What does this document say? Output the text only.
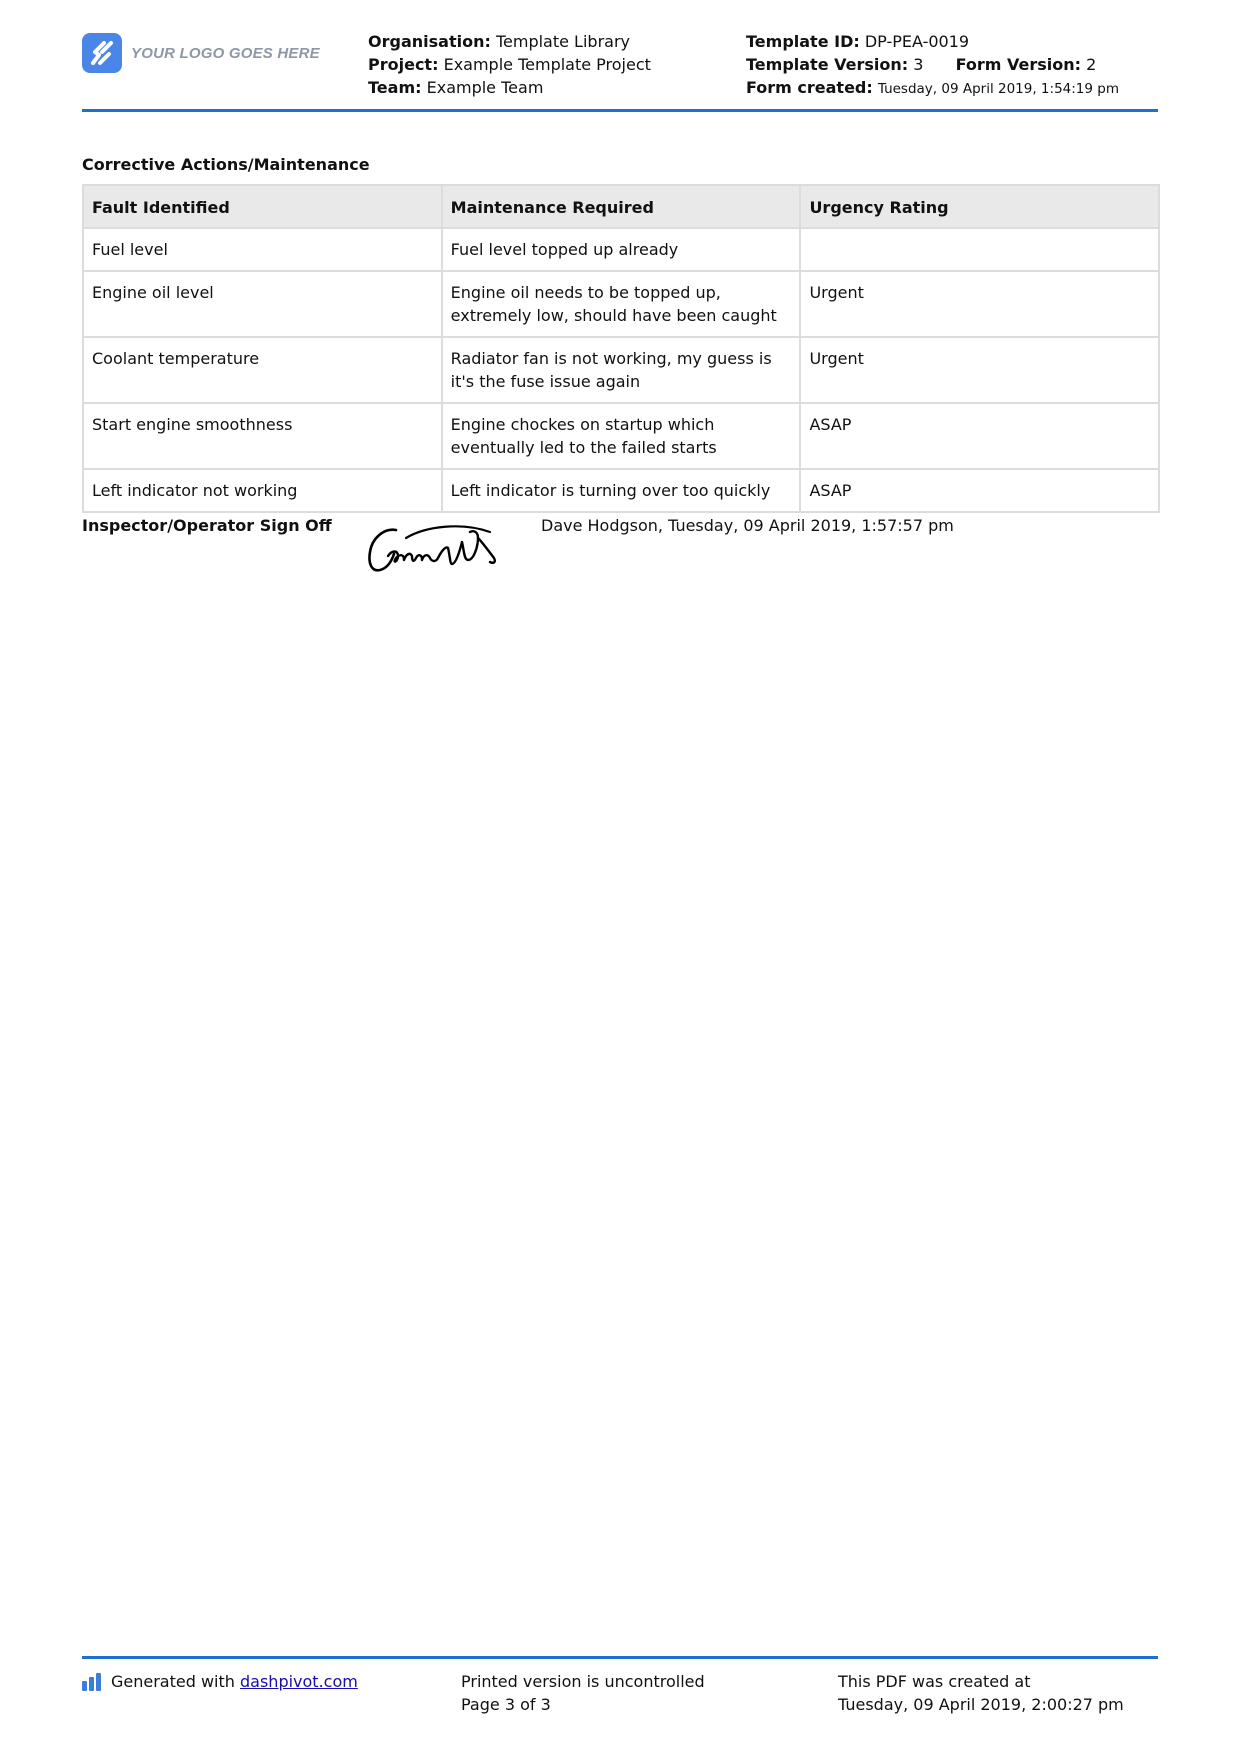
YOUR LOGO GOES HERE
Organisation: Template Library
Project: Example Template Project
Team: Example Team
Template ID: DP-PEA-0019
Template Version: 3 Form Version: 2
Form created: Tuesday, 09 April 2019, 1:54:19 pm
Corrective Actions/Maintenance
Fault Identified	Maintenance Required	Urgency Rating
Fuel level	Fuel level topped up already	
Engine oil level	Engine oil needs to be topped up, extremely low, should have been caught	Urgent
Coolant temperature	Radiator fan is not working, my guess is it's the fuse issue again	Urgent
Start engine smoothness	Engine chockes on startup which eventually led to the failed starts	ASAP
Left indicator not working	Left indicator is turning over too quickly	ASAP
Inspector/Operator Sign Off	Dave Hodgson, Tuesday, 09 April 2019, 1:57:57 pm
Generated with dashpivot.com	Printed version is uncontrolled
Page 3 of 3
This PDF was created at
Tuesday, 09 April 2019, 2:00:27 pm
